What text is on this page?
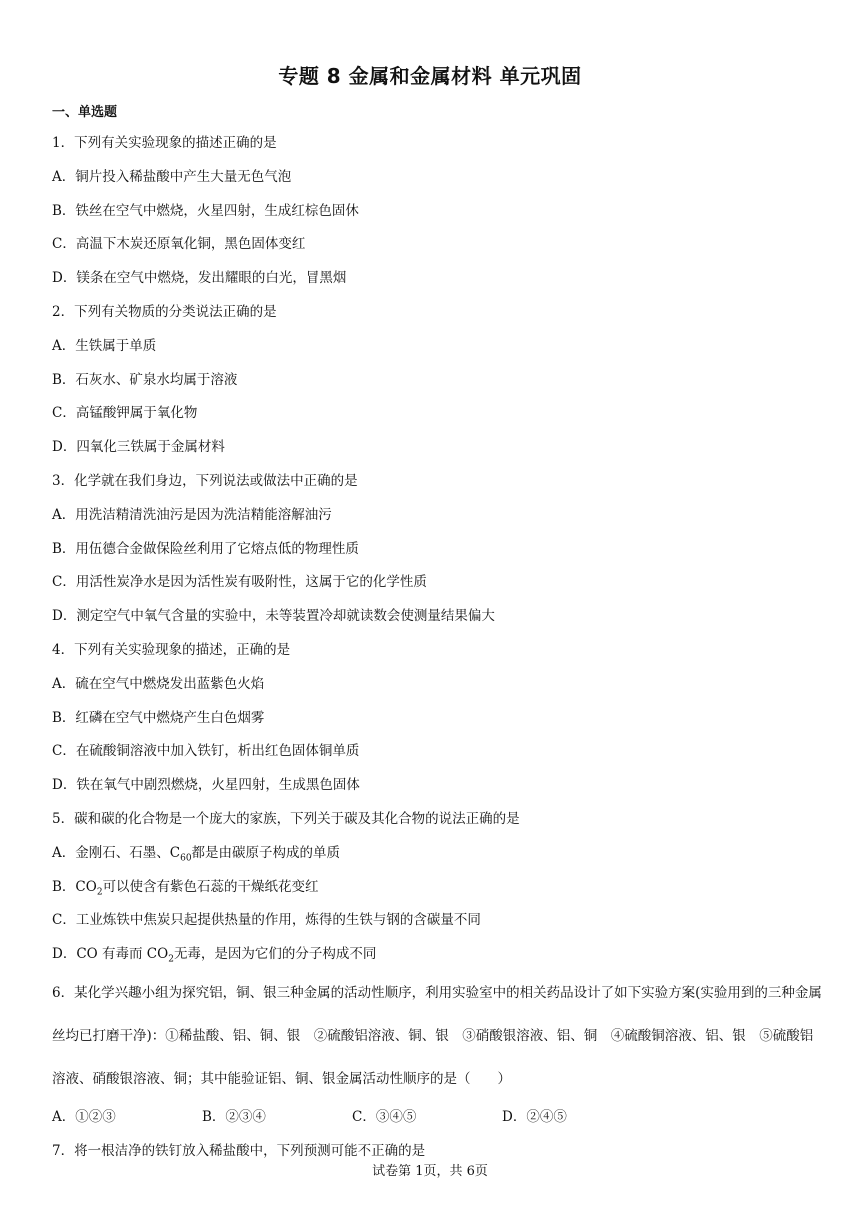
专题 8 金属和金属材料 单元巩固
一、单选题
1．下列有关实验现象的描述正确的是
A．铜片投入稀盐酸中产生大量无色气泡
B．铁丝在空气中燃烧，火星四射，生成红棕色固休
C．高温下木炭还原氧化铜，黑色固体变红
D．镁条在空气中燃烧，发出耀眼的白光，冒黑烟
2．下列有关物质的分类说法正确的是
A．生铁属于单质
B．石灰水、矿泉水均属于溶液
C．高锰酸钾属于氧化物
D．四氧化三铁属于金属材料
3．化学就在我们身边，下列说法或做法中正确的是
A．用洗洁精清洗油污是因为洗洁精能溶解油污
B．用伍德合金做保险丝利用了它熔点低的物理性质
C．用活性炭净水是因为活性炭有吸附性，这属于它的化学性质
D．测定空气中氧气含量的实验中，未等装置冷却就读数会使测量结果偏大
4．下列有关实验现象的描述，正确的是
A．硫在空气中燃烧发出蓝紫色火焰
B．红磷在空气中燃烧产生白色烟雾
C．在硫酸铜溶液中加入铁钉，析出红色固体铜单质
D．铁在氧气中剧烈燃烧，火星四射，生成黑色固体
5．碳和碳的化合物是一个庞大的家族，下列关于碳及其化合物的说法正确的是
A．金刚石、石墨、$C_{60}$都是由碳原子构成的单质
B．$CO_2$可以使含有紫色石蕊的干燥纸花变红
C．工业炼铁中焦炭只起提供热量的作用，炼得的生铁与钢的含碳量不同
D．CO 有毒而 $CO_2$无毒，是因为它们的分子构成不同
6．某化学兴趣小组为探究铝，铜、银三种金属的活动性顺序，利用实验室中的相关药品设计了如下实验方案(实验用到的三种金属丝均已打磨干净)：①稀盐酸、铝、铜、银　②硫酸铝溶液、铜、银　③硝酸银溶液、铝、铜　④硫酸铜溶液、铝、银　⑤硫酸铝溶液、硝酸银溶液、铜；其中能验证铝、铜、银金属活动性顺序的是（　　）
A．①②③	B．②③④	C．③④⑤	D．②④⑤
7．将一根洁净的铁钉放入稀盐酸中，下列预测可能不正确的是
试卷第 1页，共 6页
